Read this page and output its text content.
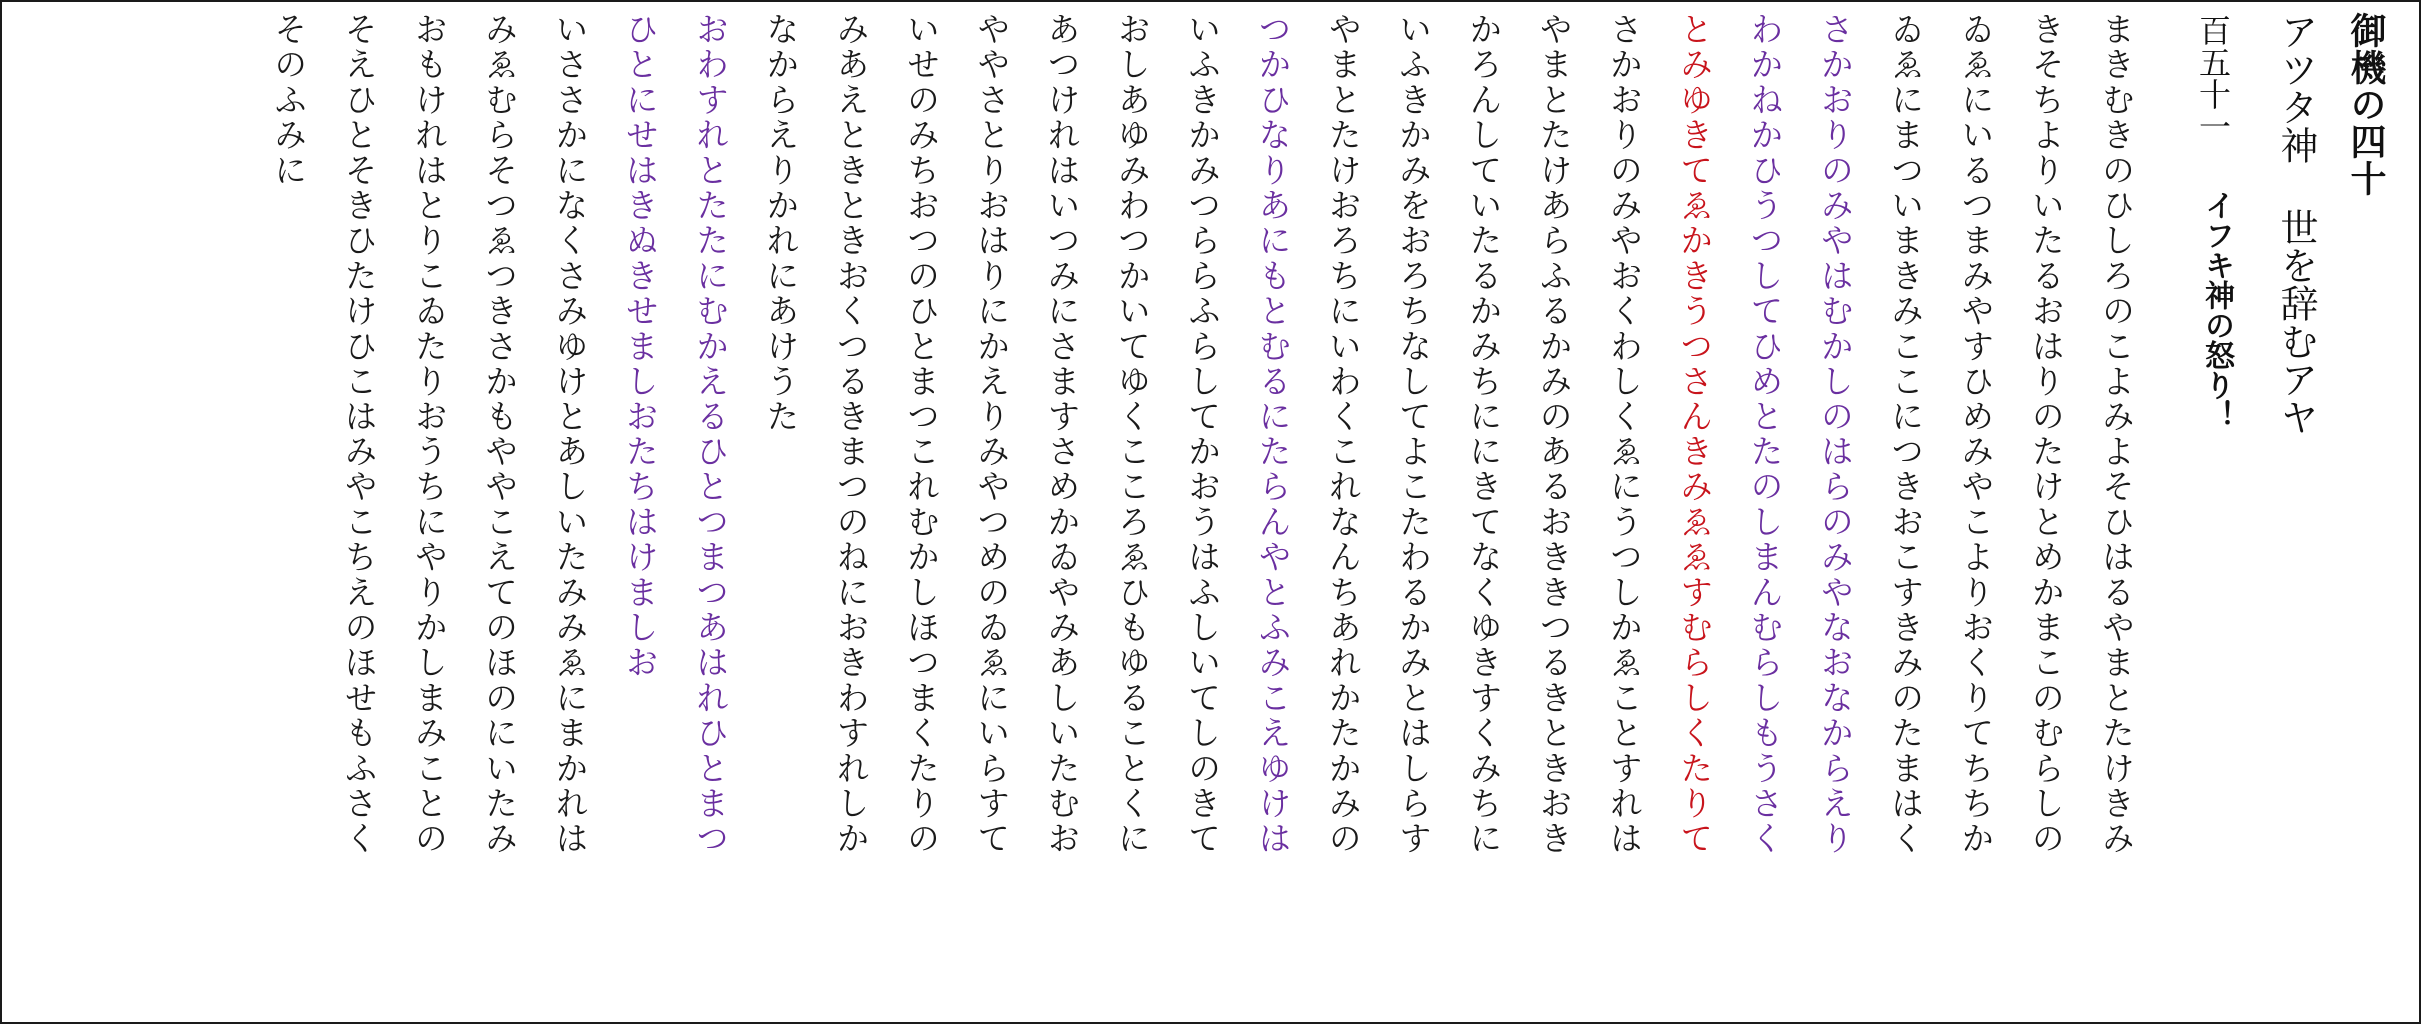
御機の四十
アツタ神 世を辞むアヤ
百五十一
イフキ神の怒り！
まきむきのひしろのこよみよそひはるやまとたけきみ
きそちよりいたるおはりのたけとめかまこのむらしの
ゐゑにいるつまみやすひめみやこよりおくりてちちか
ゐゑにまついまきみここにつきおこすきみのたまはく
さかおりのみやはむかしのはらのみやなおなからえり
わかねかひうつしてひめとたのしまんむらしもうさく
とみゆきてゑかきうつさんきみゑゑすむらしくたりて
さかおりのみやおくわしくゑにうつしかゑことすれは
やまとたけあらふるかみのあるおききつるきときおき
かろんしていたるかみちににきてなくゆきすくみちに
いふきかみをおろちなしてよこたわるかみとはしらす
やまとたけおろちにいわくこれなんちあれかたかみの
つかひなりあにもとむるにたらんやとふみこえゆけは
いふきかみつららふらしてかおうはふしいてしのきて
おしあゆみわつかいてゆくこころゑひもゆることくに
あつけれはいつみにさますさめかゐやみあしいたむお
ややさとりおはりにかえりみやつめのゐゑにいらすて
いせのみちおつのひとまつこれむかしほつまくたりの
みあえときときおくつるきまつのねにおきわすれしか
なからえりかれにあけうた
おわすれとたたにむかえるひとつまつあはれひとまつ
ひとにせはきぬきせましおたちはけましお
いささかになくさみゆけとあしいたみみゑにまかれは
みゑむらそつゑつきさかもややこえてのほのにいたみ
おもけれはとりこゐたりおうちにやりかしまみことの
そえひとそきひたけひこはみやこちえのほせもふさく
そのふみに
